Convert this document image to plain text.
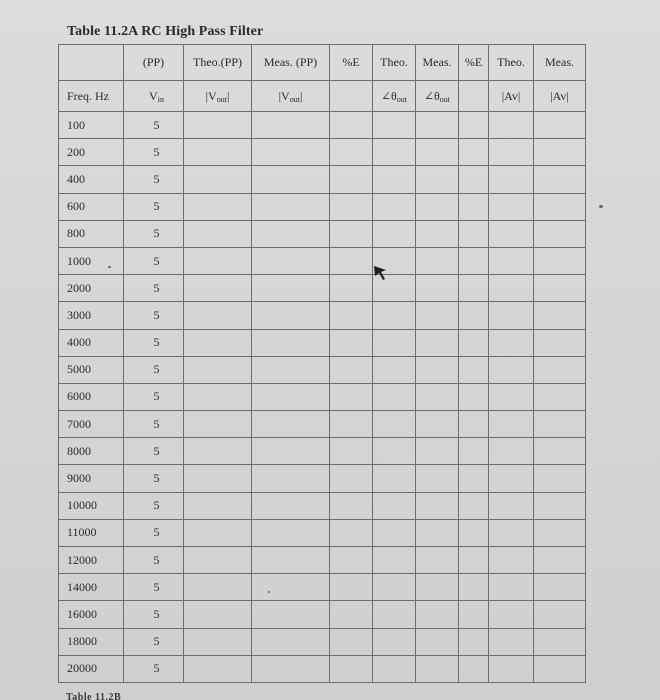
Table 11.2A RC High Pass Filter
	(PP)	Theo.(PP)	Meas. (PP)	%E	Theo.	Meas.	%E	Theo.	Meas.
Freq. Hz	$V_{in}$	$|V_{out}|$	$|V_{out}|$		$\angle\theta_{out}$	$\angle\theta_{out}$		|Av|	|Av|
100	5								
200	5								
400	5								
600	5								
800	5								
1000	5								
2000	5								
3000	5								
4000	5								
5000	5								
6000	5								
7000	5								
8000	5								
9000	5								
10000	5								
11000	5								
12000	5								
14000	5								
16000	5								
18000	5								
20000	5								
Table 11.2B
